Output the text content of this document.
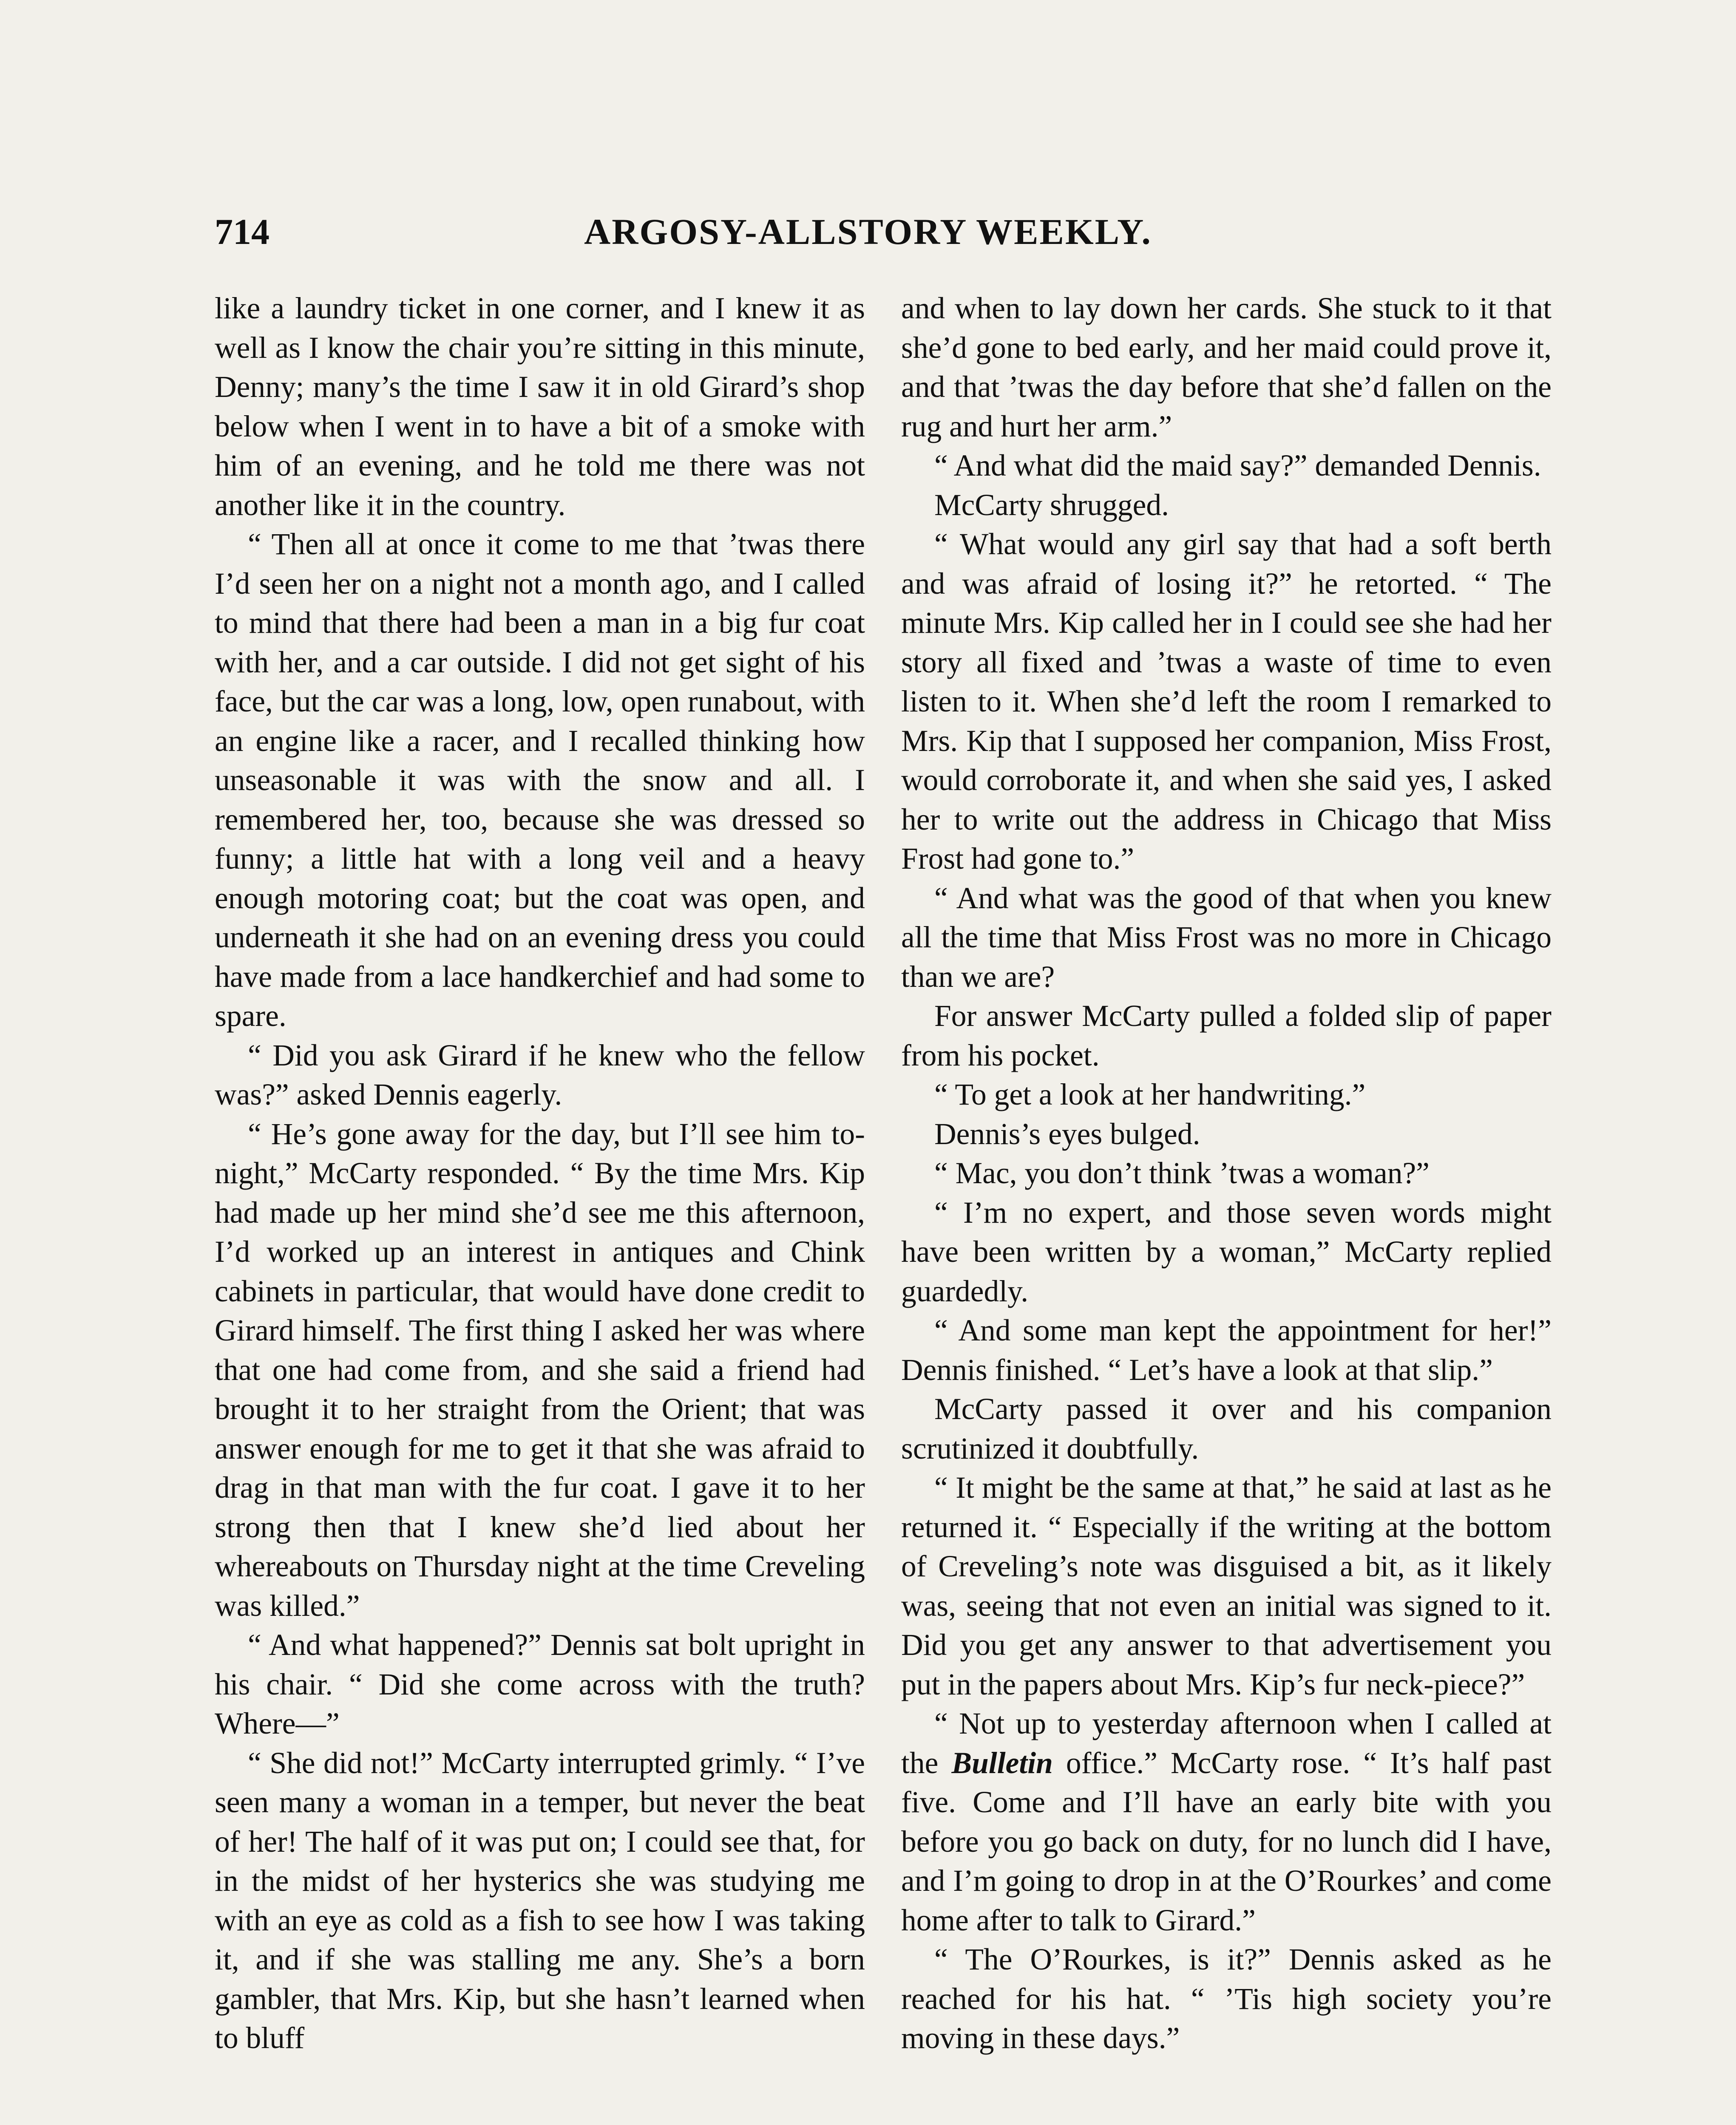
714	ARGOSY-ALLSTORY WEEKLY.

like a laundry ticket in one corner, and I knew it as well as I know the chair you’re sitting in this minute, Denny; many’s the time I saw it in old Girard’s shop below when I went in to have a bit of a smoke with him of an evening, and he told me there was not another like it in the country.

“ Then all at once it come to me that ’twas there I’d seen her on a night not a month ago, and I called to mind that there had been a man in a big fur coat with her, and a car outside. I did not get sight of his face, but the car was a long, low, open runabout, with an engine like a racer, and I recalled thinking how unseasonable it was with the snow and all. I remembered her, too, because she was dressed so funny; a little hat with a long veil and a heavy enough motoring coat; but the coat was open, and underneath it she had on an evening dress you could have made from a lace handkerchief and had some to spare.

“ Did you ask Girard if he knew who the fellow was?” asked Dennis eagerly.

“ He’s gone away for the day, but I’ll see him to-night,” McCarty responded. “ By the time Mrs. Kip had made up her mind she’d see me this afternoon, I’d worked up an interest in antiques and Chink cabinets in particular, that would have done credit to Girard himself. The first thing I asked her was where that one had come from, and she said a friend had brought it to her straight from the Orient; that was answer enough for me to get it that she was afraid to drag in that man with the fur coat. I gave it to her strong then that I knew she’d lied about her whereabouts on Thursday night at the time Creveling was killed.”

“ And what happened?” Dennis sat bolt upright in his chair. “ Did she come across with the truth? Where—”

“ She did not!” McCarty interrupted grimly. “ I’ve seen many a woman in a temper, but never the beat of her! The half of it was put on; I could see that, for in the midst of her hysterics she was studying me with an eye as cold as a fish to see how I was taking it, and if she was stalling me any. She’s a born gambler, that Mrs. Kip, but she hasn’t learned when to bluff

and when to lay down her cards. She stuck to it that she’d gone to bed early, and her maid could prove it, and that ’twas the day before that she’d fallen on the rug and hurt her arm.”

“ And what did the maid say?” demanded Dennis.

McCarty shrugged.

“ What would any girl say that had a soft berth and was afraid of losing it?” he retorted. “ The minute Mrs. Kip called her in I could see she had her story all fixed and ’twas a waste of time to even listen to it. When she’d left the room I remarked to Mrs. Kip that I supposed her companion, Miss Frost, would corroborate it, and when she said yes, I asked her to write out the address in Chicago that Miss Frost had gone to.”

“ And what was the good of that when you knew all the time that Miss Frost was no more in Chicago than we are?

For answer McCarty pulled a folded slip of paper from his pocket.

“ To get a look at her handwriting.”

Dennis’s eyes bulged.

“ Mac, you don’t think ’twas a woman?”

“ I’m no expert, and those seven words might have been written by a woman,” McCarty replied guardedly.

“ And some man kept the appointment for her!” Dennis finished. “ Let’s have a look at that slip.”

McCarty passed it over and his companion scrutinized it doubtfully.

“ It might be the same at that,” he said at last as he returned it. “ Especially if the writing at the bottom of Creveling’s note was disguised a bit, as it likely was, seeing that not even an initial was signed to it. Did you get any answer to that advertisement you put in the papers about Mrs. Kip’s fur neck-piece?”

“ Not up to yesterday afternoon when I called at the Bulletin office.” McCarty rose. “ It’s half past five. Come and I’ll have an early bite with you before you go back on duty, for no lunch did I have, and I’m going to drop in at the O’Rourkes’ and come home after to talk to Girard.”

“ The O’Rourkes, is it?” Dennis asked as he reached for his hat. “ ’Tis high society you’re moving in these days.”
